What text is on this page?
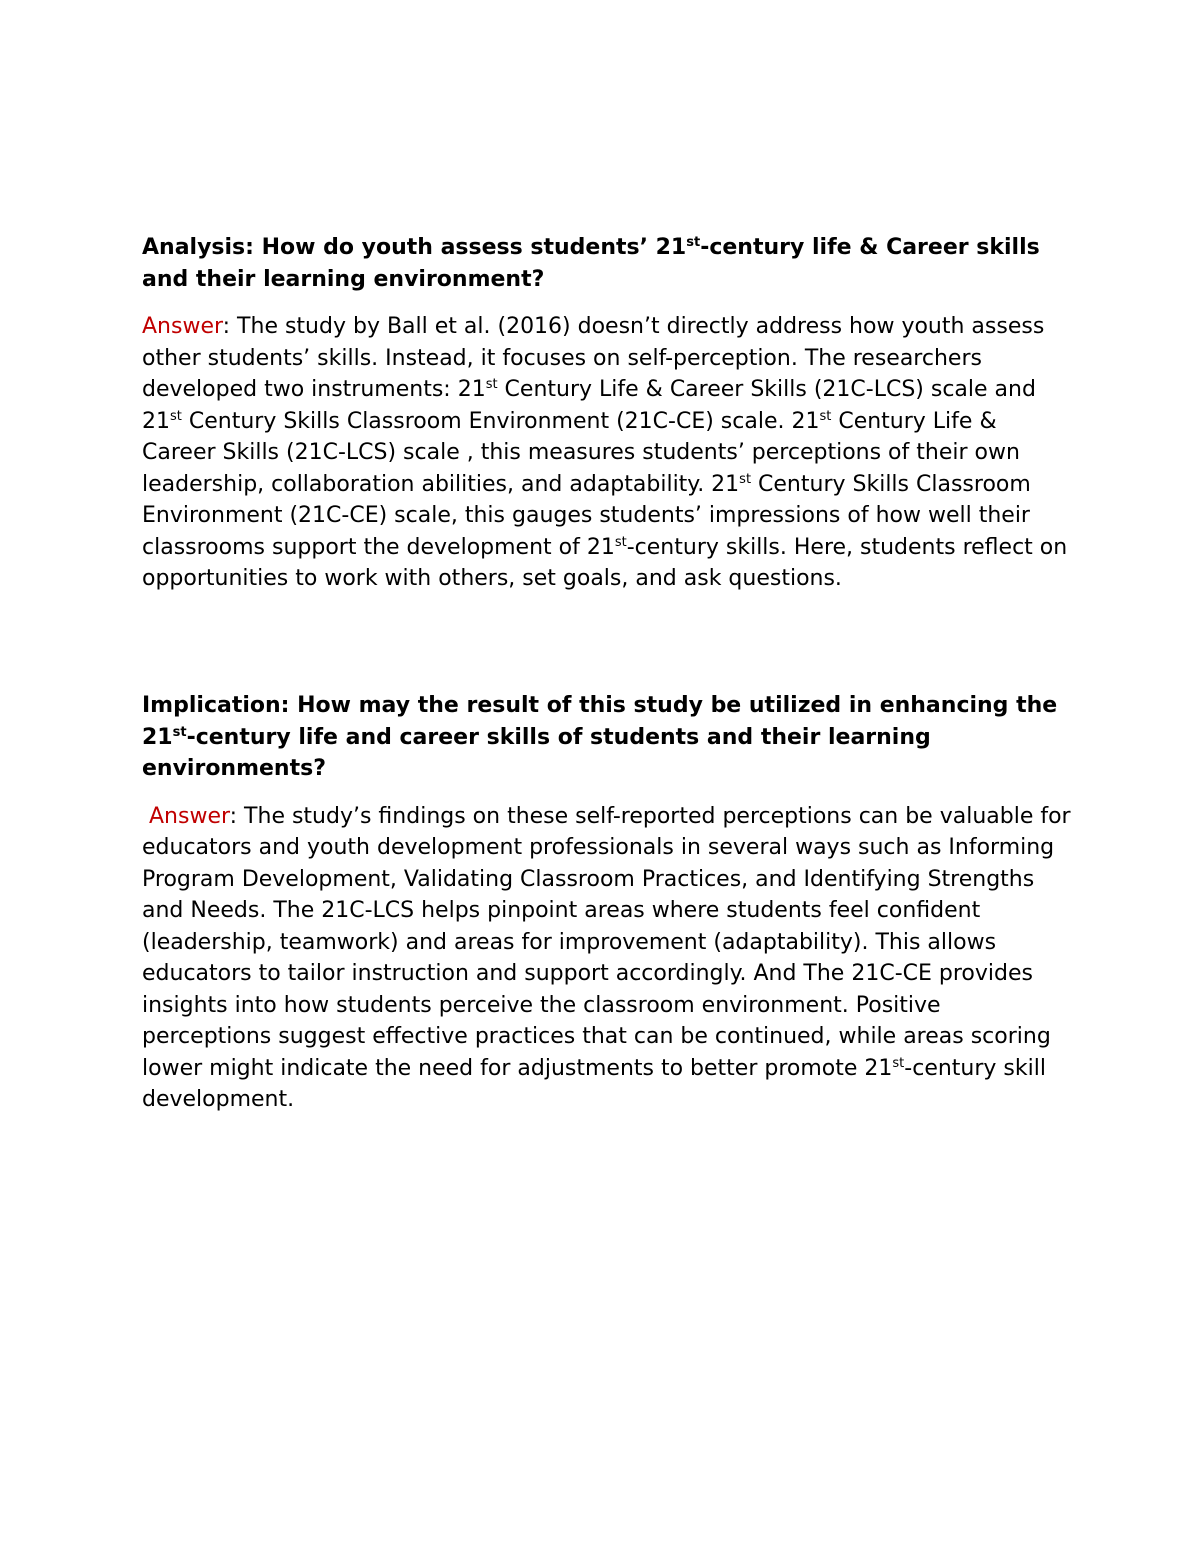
Analysis: How do youth assess students’ 21st-century life & Career skills and their learning environment?

Answer: The study by Ball et al. (2016) doesn’t directly address how youth assess other students’ skills. Instead, it focuses on self-perception. The researchers developed two instruments: 21st Century Life & Career Skills (21C-LCS) scale and 21st Century Skills Classroom Environment (21C-CE) scale. 21st Century Life & Career Skills (21C-LCS) scale , this measures students’ perceptions of their own leadership, collaboration abilities, and adaptability. 21st Century Skills Classroom Environment (21C-CE) scale, this gauges students’ impressions of how well their classrooms support the development of 21st-century skills. Here, students reflect on opportunities to work with others, set goals, and ask questions.

Implication: How may the result of this study be utilized in enhancing the 21st-century life and career skills of students and their learning environments?

Answer: The study’s findings on these self-reported perceptions can be valuable for educators and youth development professionals in several ways such as Informing Program Development, Validating Classroom Practices, and Identifying Strengths and Needs. The 21C-LCS helps pinpoint areas where students feel confident (leadership, teamwork) and areas for improvement (adaptability). This allows educators to tailor instruction and support accordingly. And The 21C-CE provides insights into how students perceive the classroom environment. Positive perceptions suggest effective practices that can be continued, while areas scoring lower might indicate the need for adjustments to better promote 21st-century skill development.
